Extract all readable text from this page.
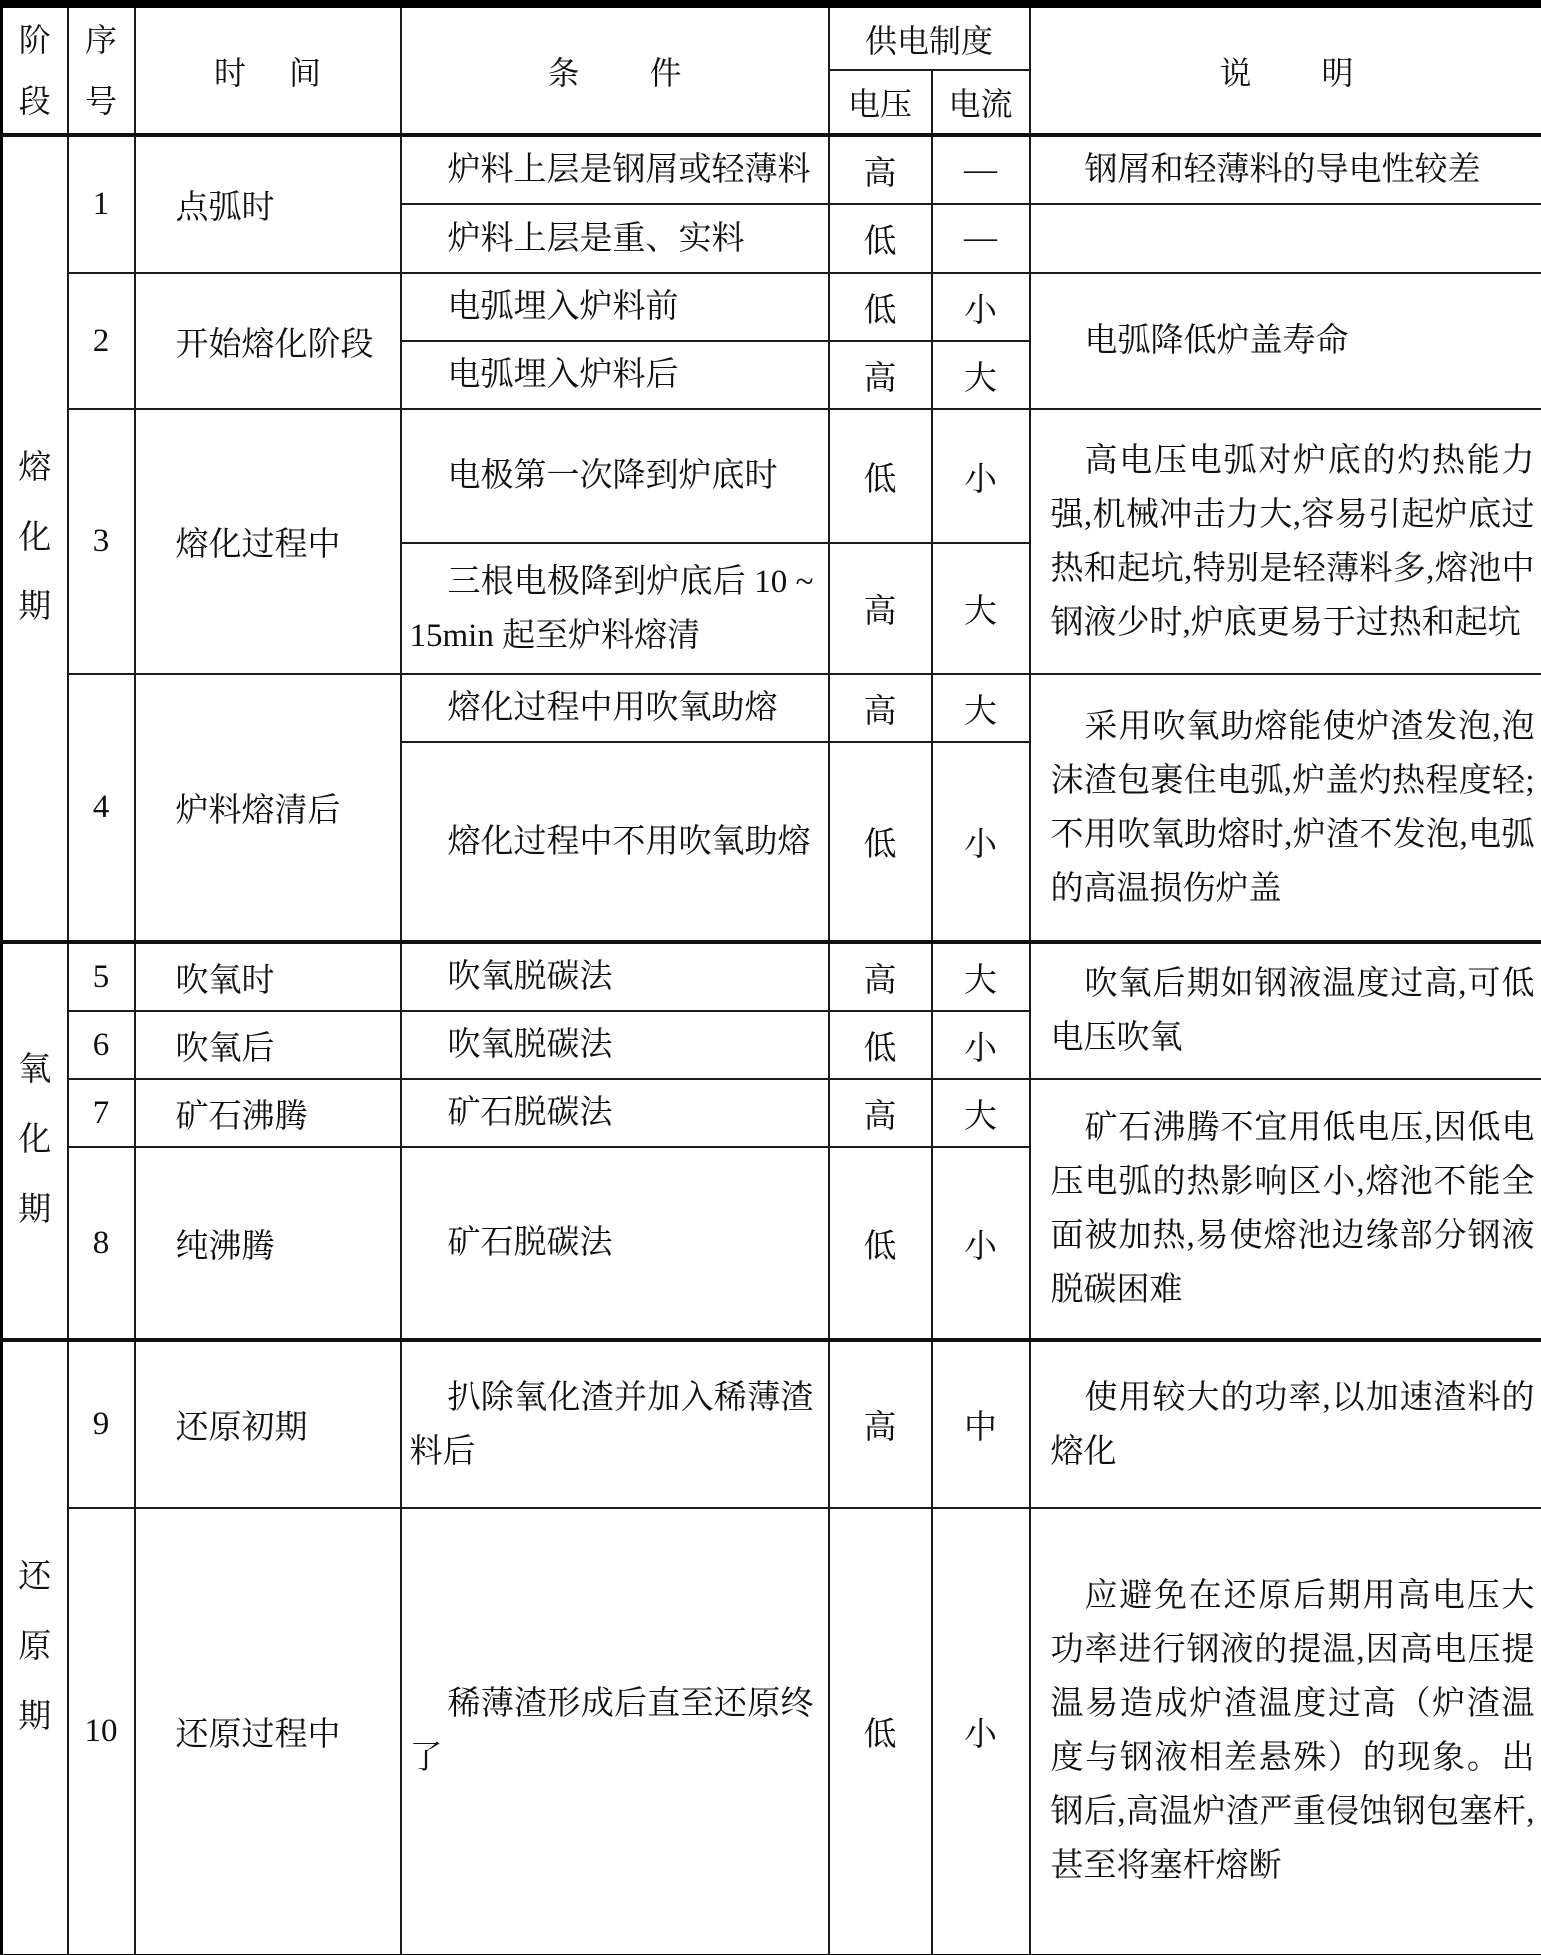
阶段	序号	时间	条件	供电制度		说明
				电压	电流	

熔化期	1	点弧时	炉料上层是钢屑或轻薄料	高	—	钢屑和轻薄料的导电性较差
			炉料上层是重、实料	低	—	
	2	开始熔化阶段	电弧埋入炉料前	低	小	电弧降低炉盖寿命
			电弧埋入炉料后	高	大	
	3	熔化过程中	电极第一次降到炉底时	低	小	高电压电弧对炉底的灼热能力强,机械冲击力大,容易引起炉底过热和起坑,特别是轻薄料多,熔池中钢液少时,炉底更易于过热和起坑
			三根电极降到炉底后 10 ~ 15min 起至炉料熔清	高	大	
	4	炉料熔清后	熔化过程中用吹氧助熔	高	大	采用吹氧助熔能使炉渣发泡,泡沫渣包裹住电弧,炉盖灼热程度轻;不用吹氧助熔时,炉渣不发泡,电弧的高温损伤炉盖
			熔化过程中不用吹氧助熔	低	小	

氧化期	5	吹氧时	吹氧脱碳法	高	大	吹氧后期如钢液温度过高,可低电压吹氧
	6	吹氧后	吹氧脱碳法	低	小	
	7	矿石沸腾	矿石脱碳法	高	大	矿石沸腾不宜用低电压,因低电压电弧的热影响区小,熔池不能全面被加热,易使熔池边缘部分钢液脱碳困难
	8	纯沸腾	矿石脱碳法	低	小	

还原期	9	还原初期	扒除氧化渣并加入稀薄渣料后	高	中	使用较大的功率,以加速渣料的熔化
	10	还原过程中	稀薄渣形成后直至还原终了	低	小	应避免在还原后期用高电压大功率进行钢液的提温,因高电压提温易造成炉渣温度过高（炉渣温度与钢液相差悬殊）的现象。出钢后,高温炉渣严重侵蚀钢包塞杆,甚至将塞杆熔断
